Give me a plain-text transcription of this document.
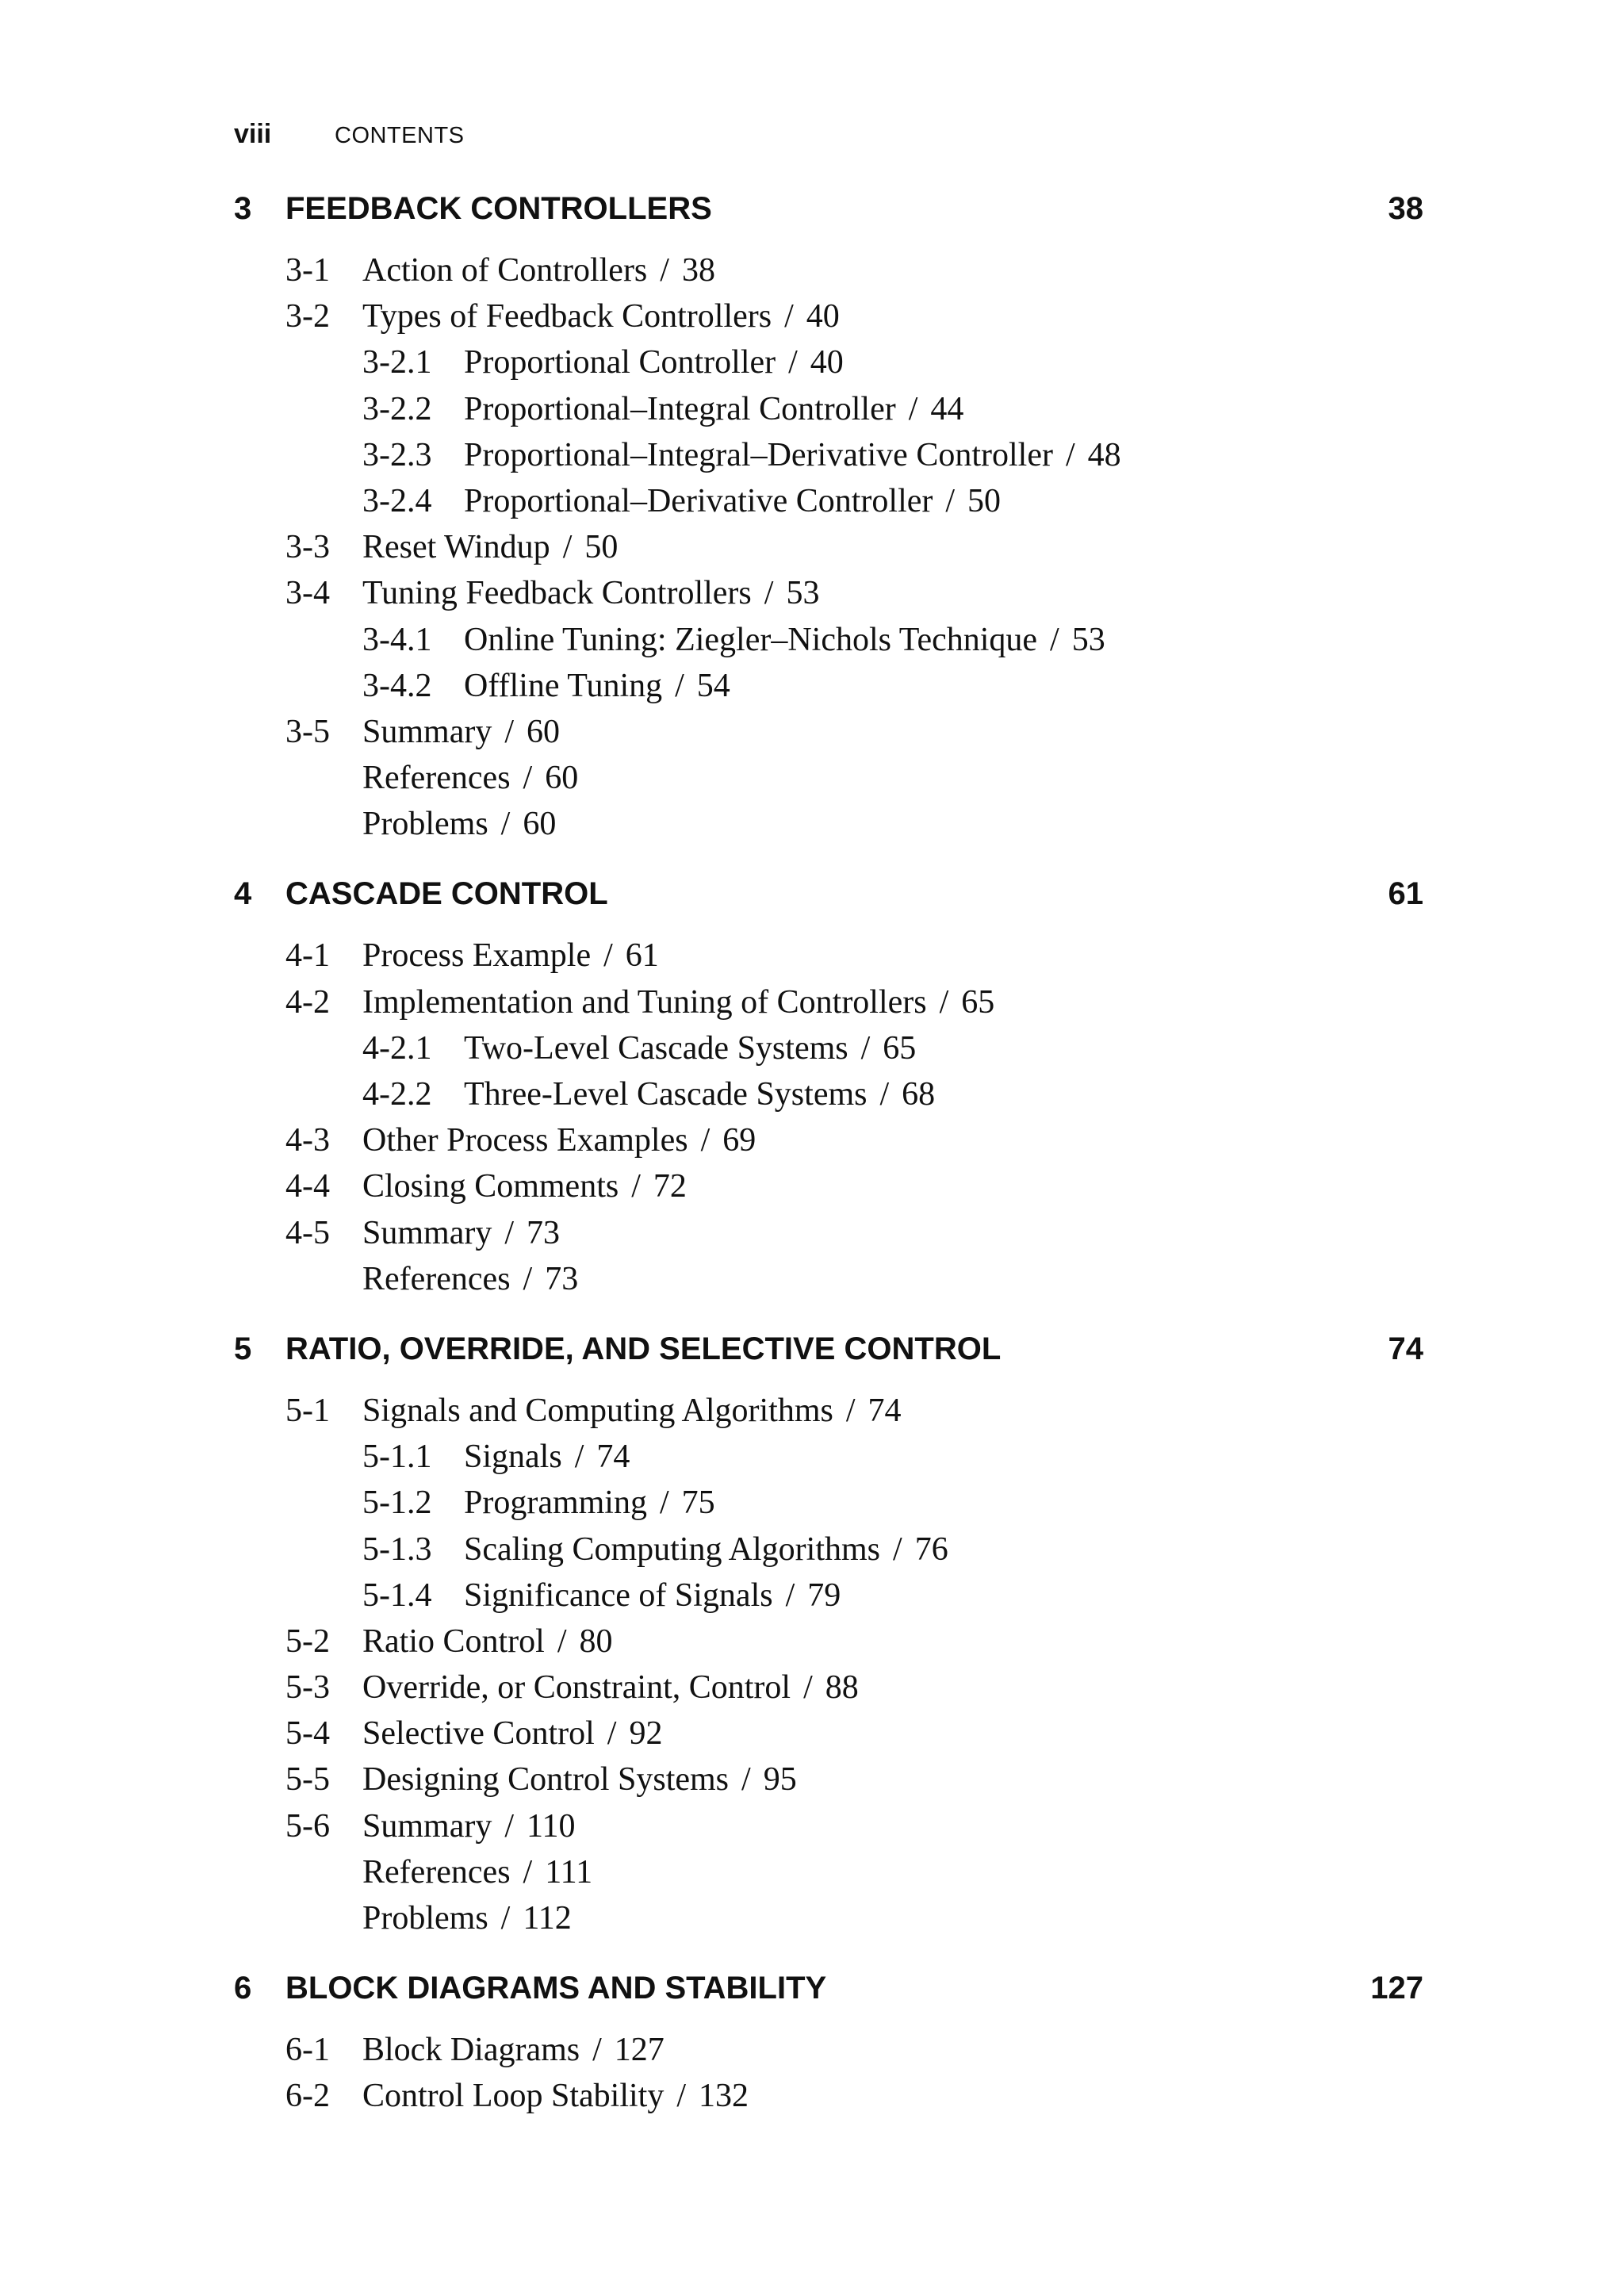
viii	CONTENTS
3	FEEDBACK CONTROLLERS	38
3-1 Action of Controllers / 38
3-2 Types of Feedback Controllers / 40
3-2.1 Proportional Controller / 40
3-2.2 Proportional–Integral Controller / 44
3-2.3 Proportional–Integral–Derivative Controller / 48
3-2.4 Proportional–Derivative Controller / 50
3-3 Reset Windup / 50
3-4 Tuning Feedback Controllers / 53
3-4.1 Online Tuning: Ziegler–Nichols Technique / 53
3-4.2 Offline Tuning / 54
3-5 Summary / 60
References / 60
Problems / 60
4	CASCADE CONTROL	61
4-1 Process Example / 61
4-2 Implementation and Tuning of Controllers / 65
4-2.1 Two-Level Cascade Systems / 65
4-2.2 Three-Level Cascade Systems / 68
4-3 Other Process Examples / 69
4-4 Closing Comments / 72
4-5 Summary / 73
References / 73
5	RATIO, OVERRIDE, AND SELECTIVE CONTROL	74
5-1 Signals and Computing Algorithms / 74
5-1.1 Signals / 74
5-1.2 Programming / 75
5-1.3 Scaling Computing Algorithms / 76
5-1.4 Significance of Signals / 79
5-2 Ratio Control / 80
5-3 Override, or Constraint, Control / 88
5-4 Selective Control / 92
5-5 Designing Control Systems / 95
5-6 Summary / 110
References / 111
Problems / 112
6	BLOCK DIAGRAMS AND STABILITY	127
6-1 Block Diagrams / 127
6-2 Control Loop Stability / 132
